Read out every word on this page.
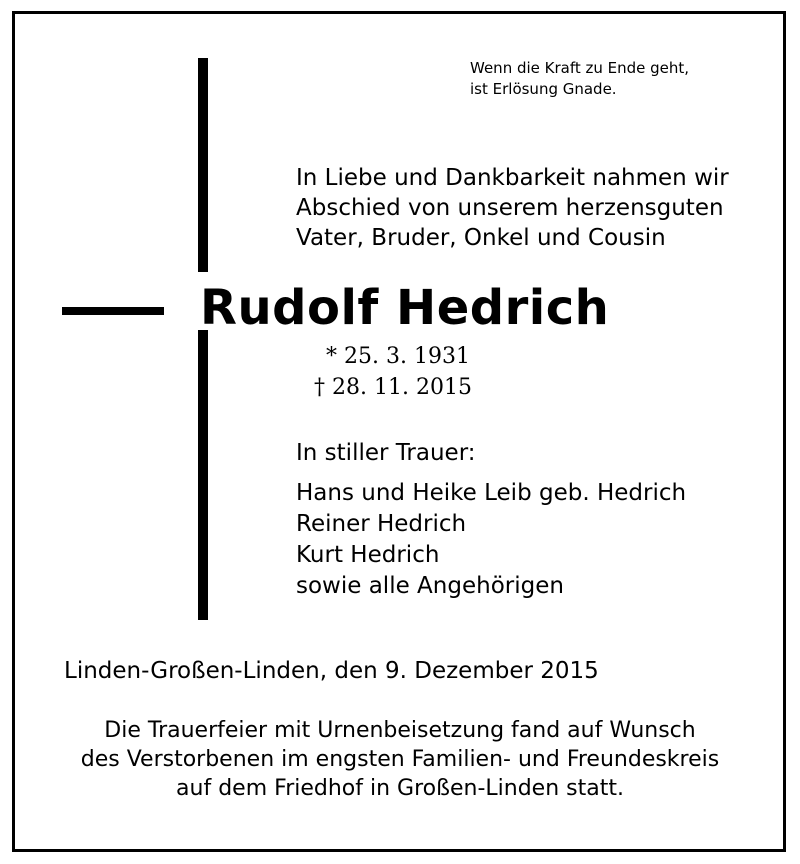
Wenn die Kraft zu Ende geht,
ist Erlösung Gnade.
In Liebe und Dankbarkeit nahmen wir
Abschied von unserem herzensguten
Vater, Bruder, Onkel und Cousin
Rudolf Hedrich
* 25. 3. 1931
† 28. 11. 2015
In stiller Trauer:
Hans und Heike Leib geb. Hedrich
Reiner Hedrich
Kurt Hedrich
sowie alle Angehörigen
Linden-Großen-Linden, den 9. Dezember 2015
Die Trauerfeier mit Urnenbeisetzung fand auf Wunsch
des Verstorbenen im engsten Familien- und Freundeskreis
auf dem Friedhof in Großen-Linden statt.
